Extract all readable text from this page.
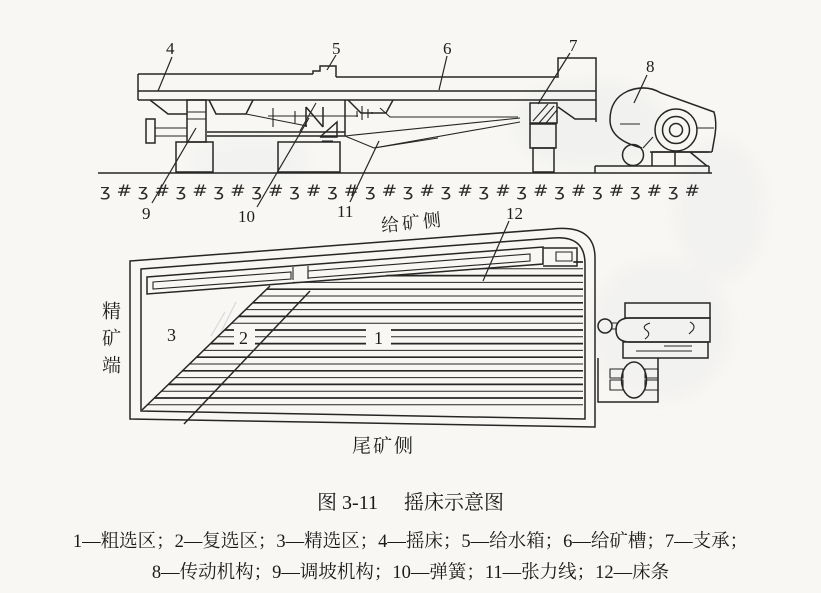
ʒ # ʒ # ʒ # ʒ # ʒ # ʒ # ʒ # ʒ # ʒ # ʒ # ʒ # ʒ # ʒ # ʒ # ʒ # ʒ #
4	5	6	7
8
9	10	11
3	2	1
12
给矿侧
精矿端
尾矿侧
图 3-11 摇床示意图
1—粗选区；2—复选区；3—精选区；4—摇床；5—给水箱；6—给矿槽；7—支承；
8—传动机构；9—调坡机构；10—弹簧；11—张力线；12—床条
